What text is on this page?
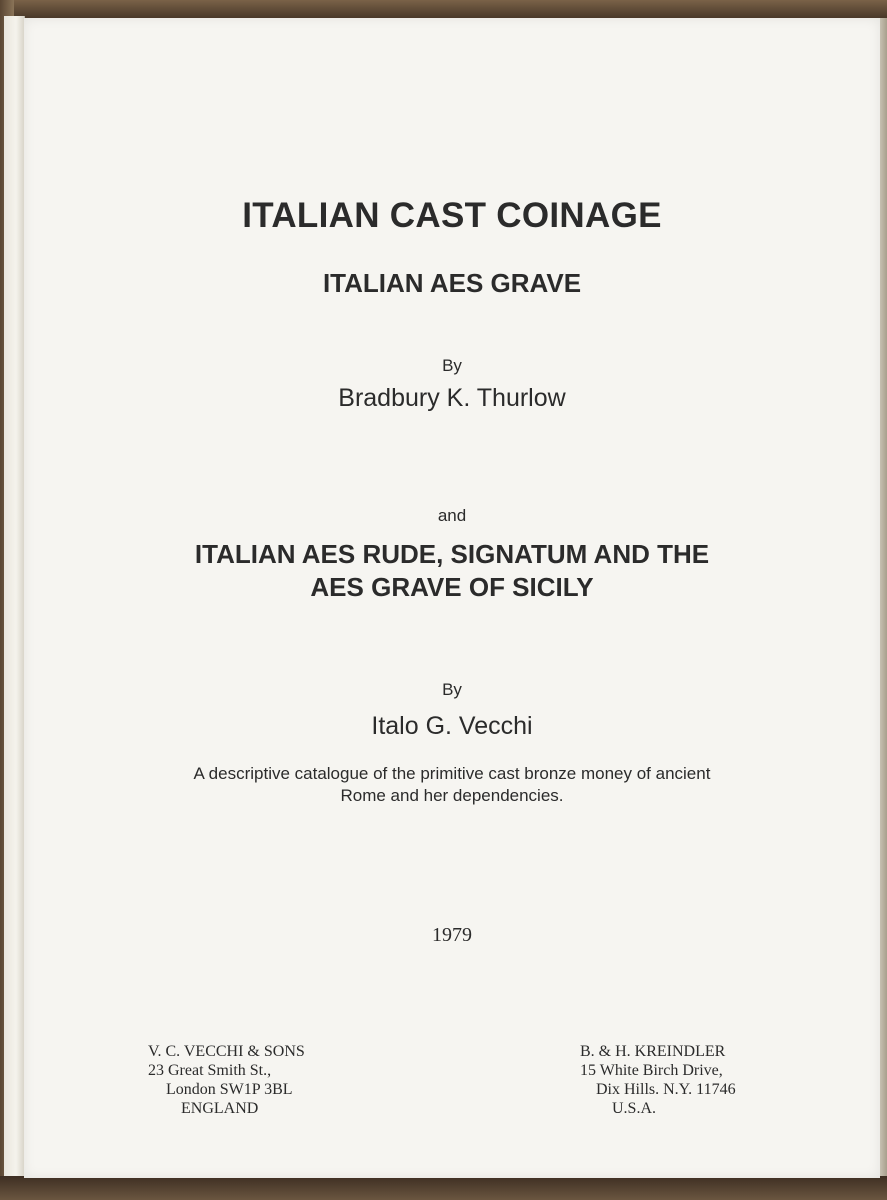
ITALIAN CAST COINAGE
ITALIAN AES GRAVE

By

Bradbury K. Thurlow

and

ITALIAN AES RUDE, SIGNATUM AND THE

AES GRAVE OF SICILY

By

Italo G. Vecchi

A descriptive catalogue of the primitive cast bronze money of ancient

Rome and her dependencies.

1979

V. C. VECCHI & SONS
23 Great Smith St.,
London SW1P 3BL
ENGLAND
B. & H. KREINDLER
15 White Birch Drive,
Dix Hills. N.Y. 11746
U.S.A.
